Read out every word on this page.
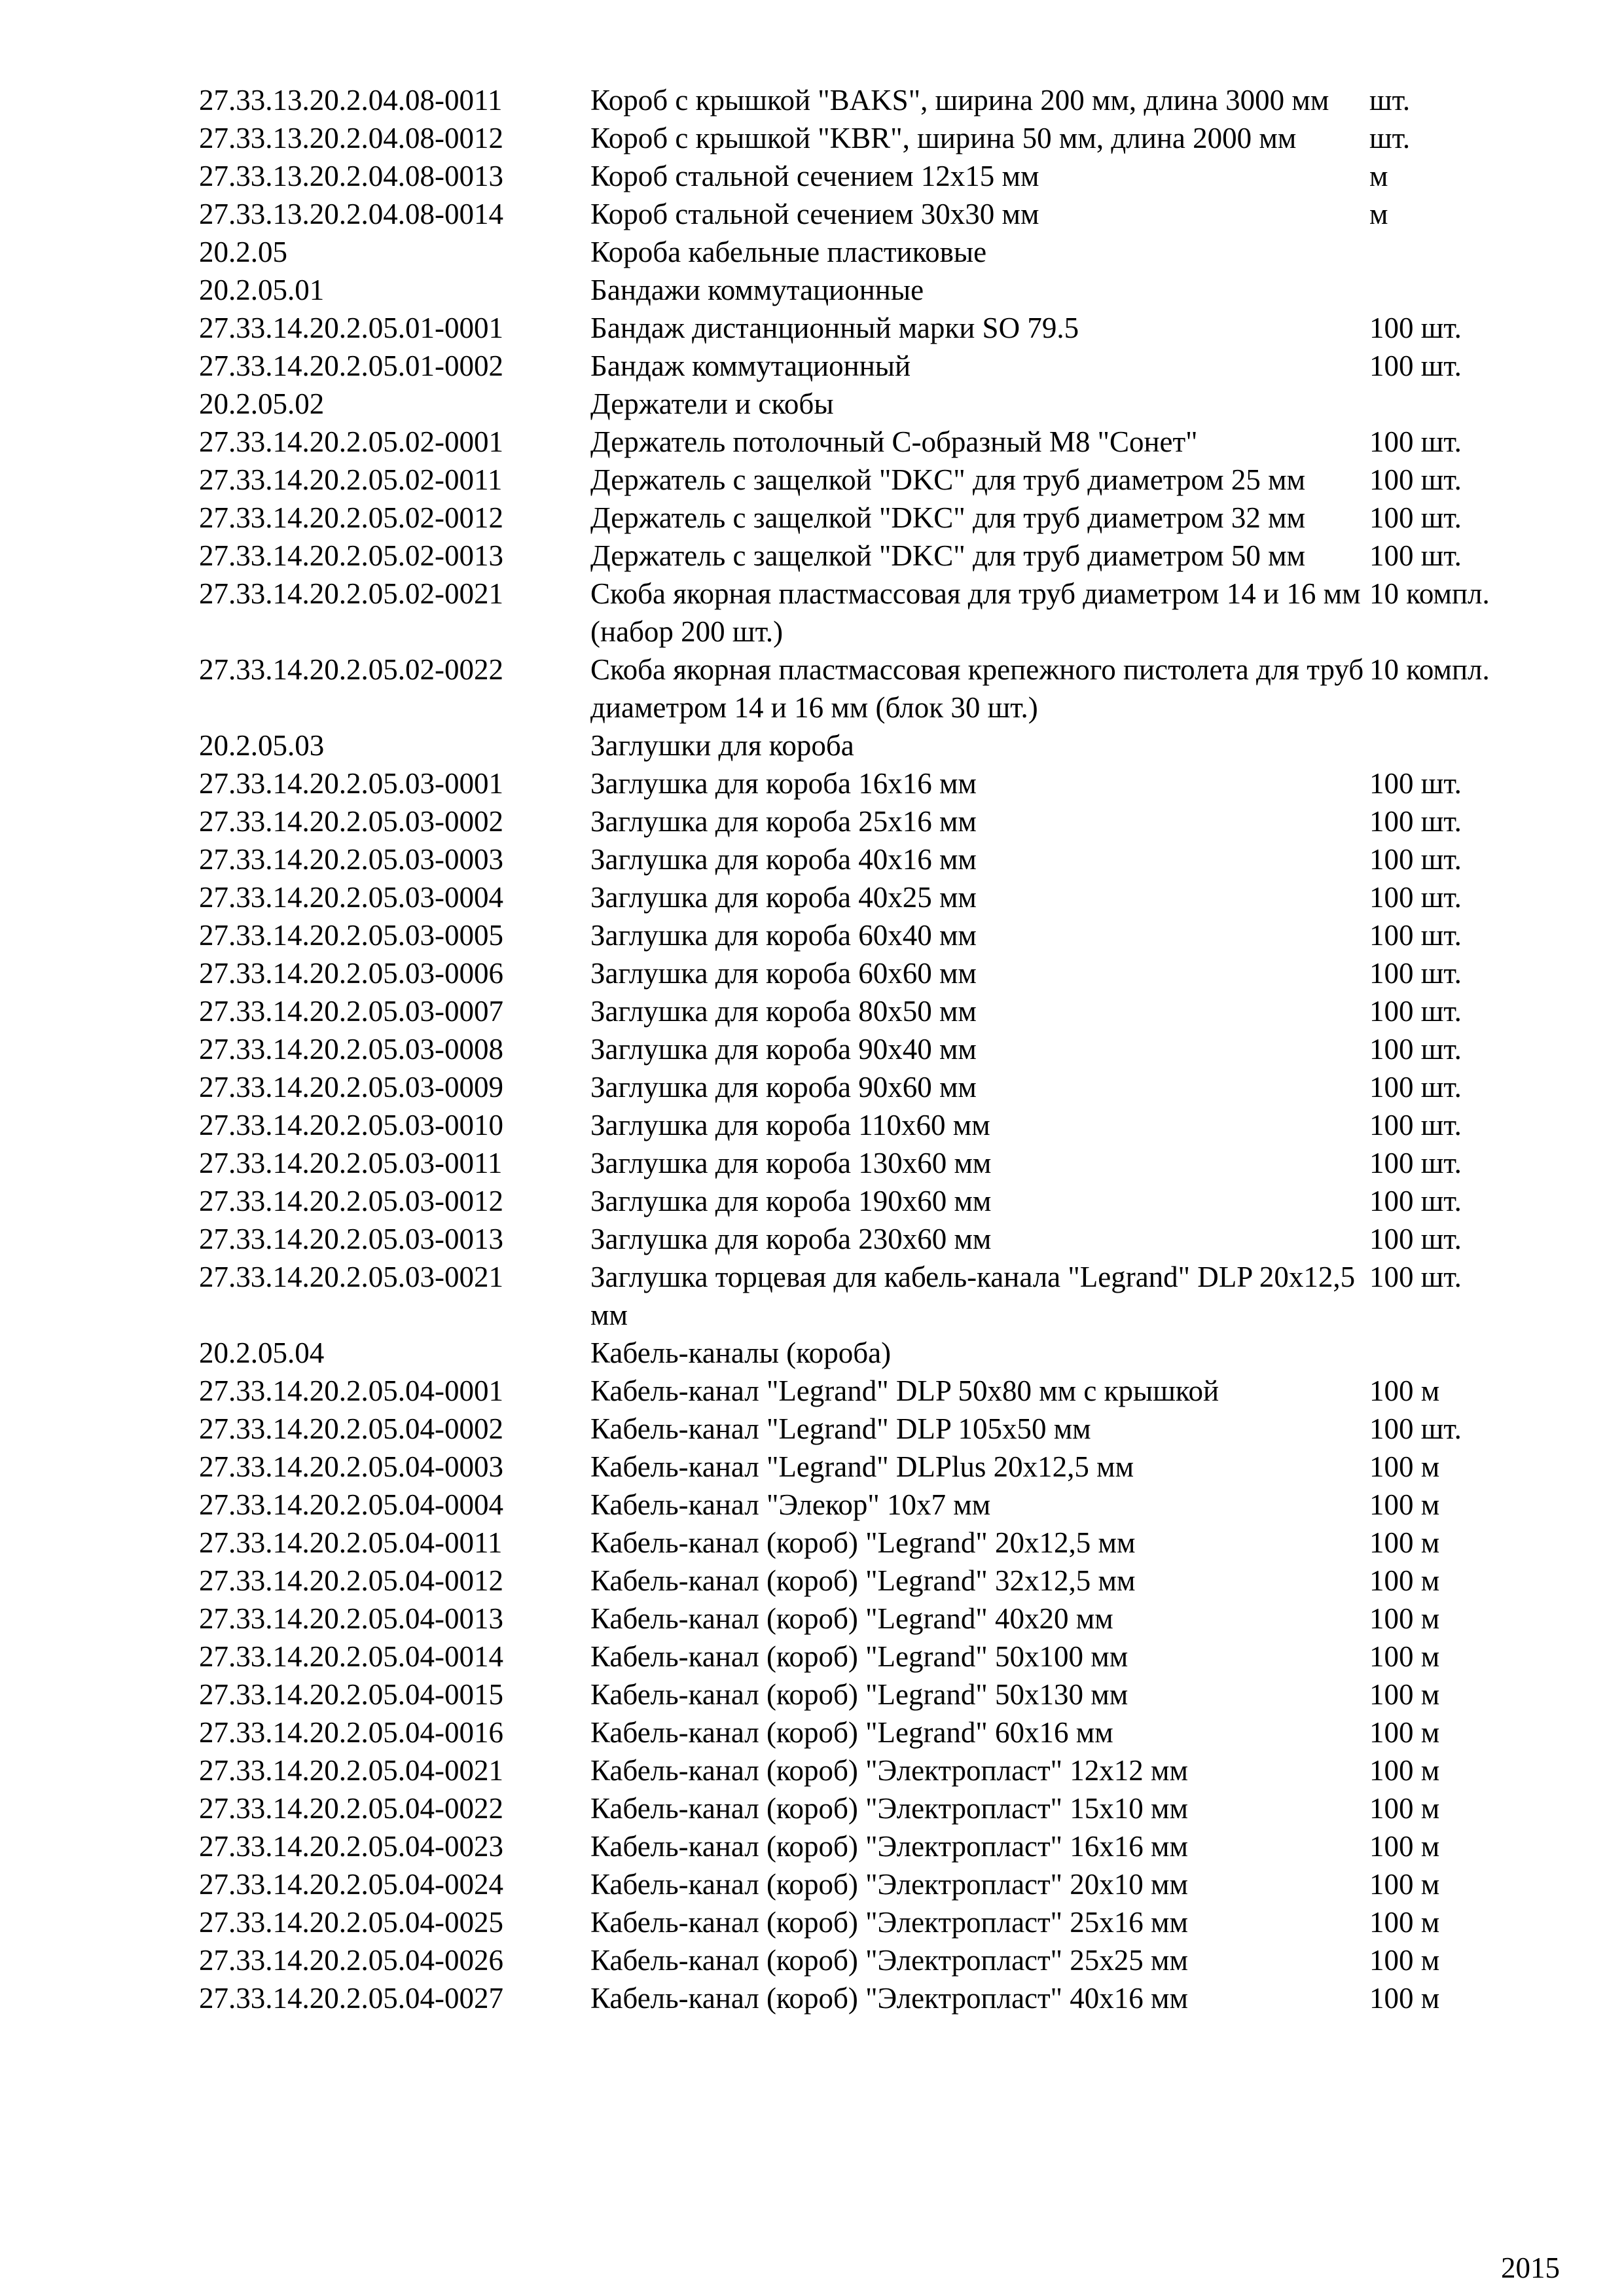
27.33.13.20.2.04.08-0011	Короб с крышкой "BAKS", ширина 200 мм, длина 3000 мм	шт.
27.33.13.20.2.04.08-0012	Короб с крышкой "KBR", ширина 50 мм, длина 2000 мм	шт.
27.33.13.20.2.04.08-0013	Короб стальной сечением 12x15 мм	м
27.33.13.20.2.04.08-0014	Короб стальной сечением 30x30 мм	м
20.2.05	Короба кабельные пластиковые	
20.2.05.01	Бандажи коммутационные	
27.33.14.20.2.05.01-0001	Бандаж дистанционный марки SO 79.5	100 шт.
27.33.14.20.2.05.01-0002	Бандаж коммутационный	100 шт.
20.2.05.02	Держатели и скобы	
27.33.14.20.2.05.02-0001	Держатель потолочный С-образный М8 "Сонет"	100 шт.
27.33.14.20.2.05.02-0011	Держатель с защелкой "DKC" для труб диаметром 25 мм	100 шт.
27.33.14.20.2.05.02-0012	Держатель с защелкой "DKC" для труб диаметром 32 мм	100 шт.
27.33.14.20.2.05.02-0013	Держатель с защелкой "DKC" для труб диаметром 50 мм	100 шт.
27.33.14.20.2.05.02-0021	Скоба якорная пластмассовая для труб диаметром 14 и 16 мм (набор 200 шт.)	10 компл.
27.33.14.20.2.05.02-0022	Скоба якорная пластмассовая крепежного пистолета для труб диаметром 14 и 16 мм (блок 30 шт.)	10 компл.
20.2.05.03	Заглушки для короба	
27.33.14.20.2.05.03-0001	Заглушка для короба 16x16 мм	100 шт.
27.33.14.20.2.05.03-0002	Заглушка для короба 25x16 мм	100 шт.
27.33.14.20.2.05.03-0003	Заглушка для короба 40x16 мм	100 шт.
27.33.14.20.2.05.03-0004	Заглушка для короба 40x25 мм	100 шт.
27.33.14.20.2.05.03-0005	Заглушка для короба 60x40 мм	100 шт.
27.33.14.20.2.05.03-0006	Заглушка для короба 60x60 мм	100 шт.
27.33.14.20.2.05.03-0007	Заглушка для короба 80x50 мм	100 шт.
27.33.14.20.2.05.03-0008	Заглушка для короба 90x40 мм	100 шт.
27.33.14.20.2.05.03-0009	Заглушка для короба 90x60 мм	100 шт.
27.33.14.20.2.05.03-0010	Заглушка для короба 110x60 мм	100 шт.
27.33.14.20.2.05.03-0011	Заглушка для короба 130x60 мм	100 шт.
27.33.14.20.2.05.03-0012	Заглушка для короба 190x60 мм	100 шт.
27.33.14.20.2.05.03-0013	Заглушка для короба 230x60 мм	100 шт.
27.33.14.20.2.05.03-0021	Заглушка торцевая для кабель-канала "Legrand" DLP 20x12,5 мм	100 шт.
20.2.05.04	Кабель-каналы (короба)	
27.33.14.20.2.05.04-0001	Кабель-канал "Legrand" DLP 50x80 мм с крышкой	100 м
27.33.14.20.2.05.04-0002	Кабель-канал "Legrand" DLP 105x50 мм	100 шт.
27.33.14.20.2.05.04-0003	Кабель-канал "Legrand" DLPlus 20x12,5 мм	100 м
27.33.14.20.2.05.04-0004	Кабель-канал "Элекор" 10x7 мм	100 м
27.33.14.20.2.05.04-0011	Кабель-канал (короб) "Legrand" 20x12,5 мм	100 м
27.33.14.20.2.05.04-0012	Кабель-канал (короб) "Legrand" 32x12,5 мм	100 м
27.33.14.20.2.05.04-0013	Кабель-канал (короб) "Legrand" 40x20 мм	100 м
27.33.14.20.2.05.04-0014	Кабель-канал (короб) "Legrand" 50x100 мм	100 м
27.33.14.20.2.05.04-0015	Кабель-канал (короб) "Legrand" 50x130 мм	100 м
27.33.14.20.2.05.04-0016	Кабель-канал (короб) "Legrand" 60x16 мм	100 м
27.33.14.20.2.05.04-0021	Кабель-канал (короб) "Электропласт" 12x12 мм	100 м
27.33.14.20.2.05.04-0022	Кабель-канал (короб) "Электропласт" 15x10 мм	100 м
27.33.14.20.2.05.04-0023	Кабель-канал (короб) "Электропласт" 16x16 мм	100 м
27.33.14.20.2.05.04-0024	Кабель-канал (короб) "Электропласт" 20x10 мм	100 м
27.33.14.20.2.05.04-0025	Кабель-канал (короб) "Электропласт" 25x16 мм	100 м
27.33.14.20.2.05.04-0026	Кабель-канал (короб) "Электропласт" 25x25 мм	100 м
27.33.14.20.2.05.04-0027	Кабель-канал (короб) "Электропласт" 40x16 мм	100 м
2015
